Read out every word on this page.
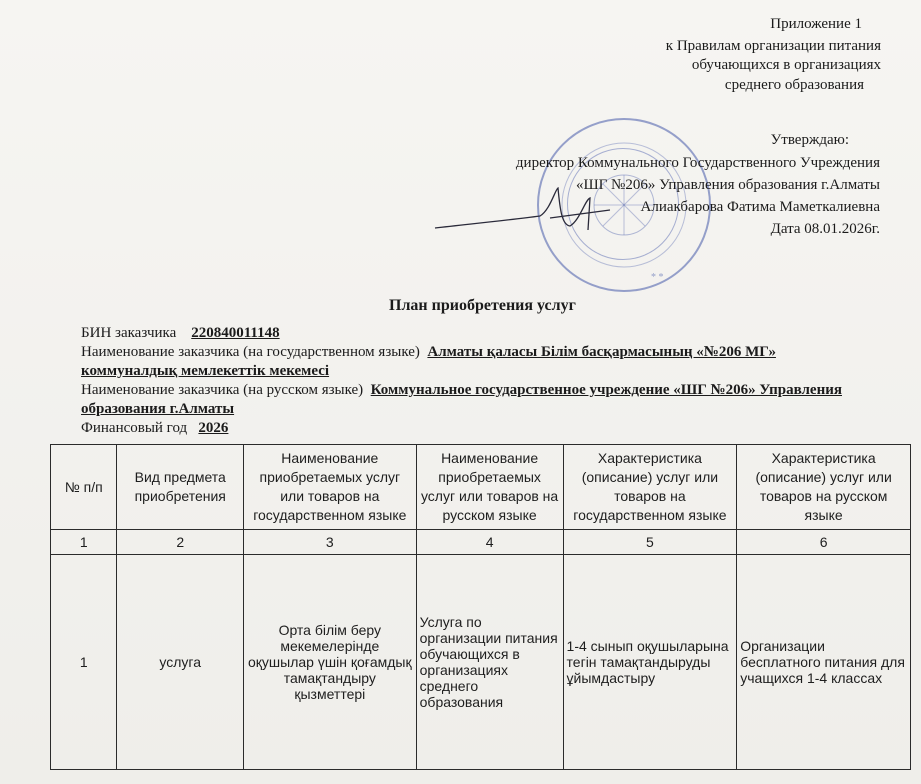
Приложение 1
к Правилам организации питания
обучающихся в организациях
среднего образования
* *
Утверждаю:
директор Коммунального Государственного Учреждения
«ШГ №206» Управления образования г.Алматы
Алиакбарова Фатима Маметкалиевна
Дата 08.01.2026г.
План приобретения услуг
БИН заказчика 220840011148
Наименование заказчика (на государственном языке) Алматы қаласы Білім басқармасының «№206 МГ»
коммуналдық мемлекеттік мекемесі
Наименование заказчика (на русском языке) Коммунальное государственное учреждение «ШГ №206» Управления
образования г.Алматы
Финансовый год 2026
№ п/п	Вид предмета приобретения	Наименование приобретаемых услуг или товаров на государственном языке	Наименование приобретаемых услуг или товаров на русском языке	Характеристика (описание) услуг или товаров на государственном языке	Характеристика (описание) услуг или товаров на русском языке
1	2	3	4	5	6
1	услуга	Орта білім беру мекемелерінде оқушылар үшін қоғамдық тамақтандыру қызметтері	Услуга по организации питания обучающихся в организациях среднего образования	1-4 сынып оқушыларына тегін тамақтандыруды ұйымдастыру	Организации бесплатного питания для учащихся 1-4 классах
